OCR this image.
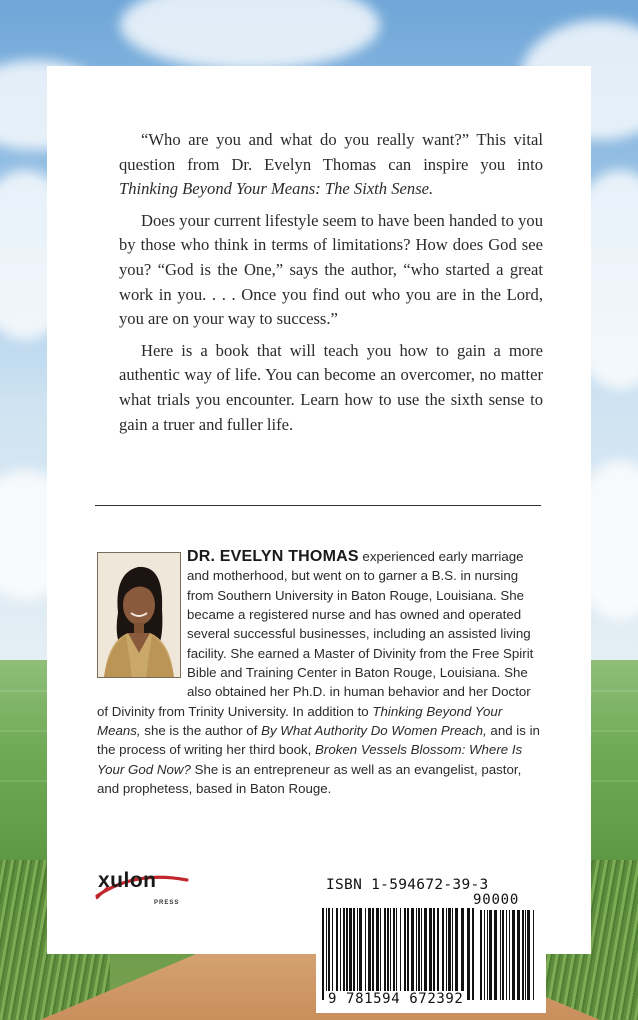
“Who are you and what do you really want?” This vital question from Dr. Evelyn Thomas can inspire you into Thinking Beyond Your Means: The Sixth Sense.

Does your current lifestyle seem to have been handed to you by those who think in terms of limitations? How does God see you? “God is the One,” says the author, “who started a great work in you. . . . Once you find out who you are in the Lord, you are on your way to success.”

Here is a book that will teach you how to gain a more authentic way of life. You can become an overcomer, no matter what trials you encounter. Learn how to use the sixth sense to gain a truer and fuller life.

DR. EVELYN THOMAS experienced early marriage and motherhood, but went on to garner a B.S. in nursing from Southern University in Baton Rouge, Louisiana. She became a registered nurse and has owned and operated several successful businesses, including an assisted living facility. She earned a Master of Divinity from the Free Spirit Bible and Training Center in Baton Rouge, Louisiana. She also obtained her Ph.D. in human behavior and her Doctor of Divinity from Trinity University. In addition to Thinking Beyond Your Means, she is the author of By What Authority Do Women Preach, and is in the process of writing her third book, Broken Vessels Blossom: Where Is Your God Now? She is an entrepreneur as well as an evangelist, pastor, and prophetess, based in Baton Rouge.
xulon
PRESS
ISBN 1-594672-39-3
90000
9 781594 672392
